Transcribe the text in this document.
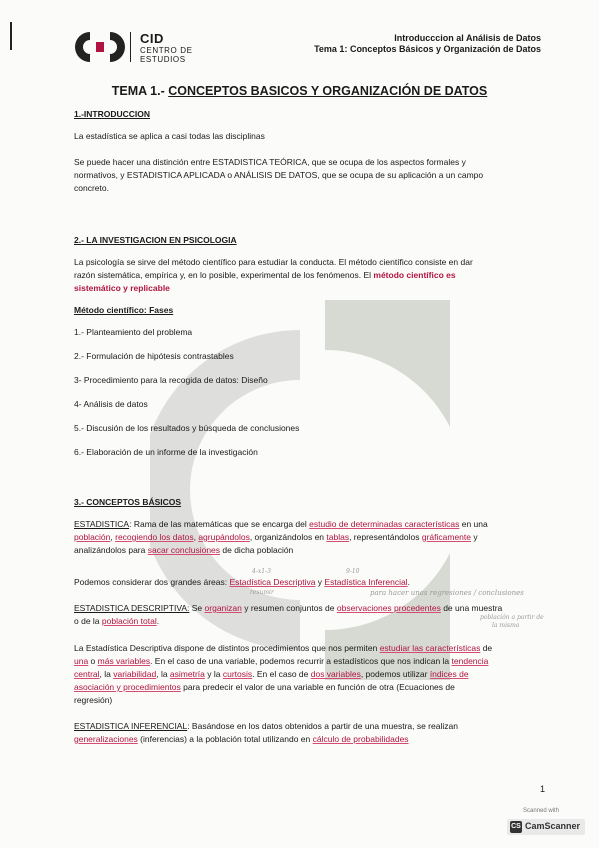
CID
CENTRO DE
ESTUDIOS
Introducccion al Análisis de Datos
Tema 1: Conceptos Básicos y Organización de Datos
TEMA 1.- CONCEPTOS BASICOS Y ORGANIZACIÓN DE DATOS
1.-INTRODUCCION
La estadística se aplica a casi todas las disciplinas
Se puede hacer una distinción entre ESTADISTICA TEÓRICA, que se ocupa de los aspectos formales y
normativos, y ESTADISTICA APLICADA o ANÁLISIS DE DATOS, que se ocupa de su aplicación a un campo
concreto.
2.- LA INVESTIGACION EN PSICOLOGIA
La psicología se sirve del método científico para estudiar la conducta. El método científico consiste en dar
razón sistemática, empírica y, en lo posible, experimental de los fenómenos. El método científico es
sistemático y replicable
Método científico: Fases
1.- Planteamiento del problema
2.- Formulación de hipótesis contrastables
3- Procedimiento para la recogida de datos: Diseño
4- Análisis de datos
5.- Discusión de los resultados y búsqueda de conclusiones
6.- Elaboración de un informe de la investigación
3.- CONCEPTOS BÁSICOS
ESTADISTICA: Rama de las matemáticas que se encarga del estudio de determinadas características en una
población, recogiendo los datos, agrupándolos, organizándolos en tablas, representándolos gráficamente y
analizándolos para sacar conclusiones de dicha población
4-x1-3	9-10
Podemos considerar dos grandes áreas: Estadística Descriptiva y Estadística Inferencial.
resumir	para hacer unas regresiones / conclusiones
ESTADISTICA DESCRIPTIVA: Se organizan y resumen conjuntos de observaciones procedentes de una muestra
o de la población total.	población a partir de
la misma
La Estadística Descriptiva dispone de distintos procedimientos que nos permiten estudiar las características de
una o más variables. En el caso de una variable, podemos recurrir a estadísticos que nos indican la tendencia
central, la variabilidad, la asimetría y la curtosis. En el caso de dos variables, podemos utilizar índices de
asociación y procedimientos para predecir el valor de una variable en función de otra (Ecuaciones de
regresión)
ESTADISTICA INFERENCIAL: Basándose en los datos obtenidos a partir de una muestra, se realizan
generalizaciones (inferencias) a la población total utilizando en cálculo de probabilidades
1
Scanned with
CS CamScanner
